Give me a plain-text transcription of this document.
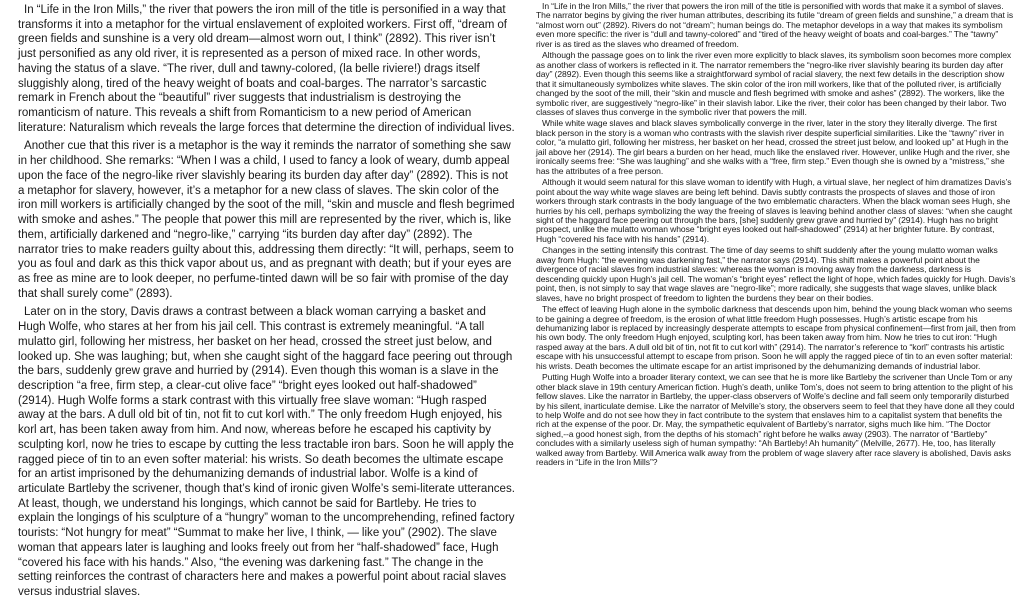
In “Life in the Iron Mills,” the river that powers the iron mill of the title is personified in a way that transforms it into a metaphor for the virtual enslavement of exploited workers. First off, “dream of green fields and sunshine is a very old dream—almost worn out, I think” (2892). This river isn’t just personified as any old river, it is represented as a person of mixed race. In other words, having the status of a slave. “The river, dull and tawny-colored, (la belle riviere!) drags itself sluggishly along, tired of the heavy weight of boats and coal-barges. The narrator’s sarcastic remark in French about the “beautiful” river suggests that industrialism is destroying the romanticism of nature. This reveals a shift from Romanticism to a new period of American literature: Naturalism which reveals the large forces that determine the direction of individual lives.

Another cue that this river is a metaphor is the way it reminds the narrator of something she saw in her childhood. She remarks: “When I was a child, I used to fancy a look of weary, dumb appeal upon the face of the negro-like river slavishly bearing its burden day after day” (2892). This is not a metaphor for slavery, however, it’s a metaphor for a new class of slaves. The skin color of the iron mill workers is artificially changed by the soot of the mill, “skin and muscle and flesh begrimed with smoke and ashes.” The people that power this mill are represented by the river, which is, like them, artificially darkened and “negro-like,” carrying “its burden day after day” (2892). The narrator tries to make readers guilty about this, addressing them directly: “It will, perhaps, seem to you as foul and dark as this thick vapor about us, and as pregnant with death; but if your eyes are as free as mine are to look deeper, no perfume-tinted dawn will be so fair with promise of the day that shall surely come” (2893).

Later on in the story, Davis draws a contrast between a black woman carrying a basket and Hugh Wolfe, who stares at her from his jail cell. This contrast is extremely meaningful. “A tall mulatto girl, following her mistress, her basket on her head, crossed the street just below, and looked up. She was laughing; but, when she caught sight of the haggard face peering out through the bars, suddenly grew grave and hurried by (2914). Even though this woman is a slave in the description “a free, firm step, a clear-cut olive face” “bright eyes looked out half-shadowed” (2914). Hugh Wolfe forms a stark contrast with this virtually free slave woman: “Hugh rasped away at the bars. A dull old bit of tin, not fit to cut korl with.” The only freedom Hugh enjoyed, his korl art, has been taken away from him. And now, whereas before he escaped his captivity by sculpting korl, now he tries to escape by cutting the less tractable iron bars. Soon he will apply the ragged piece of tin to an even softer material: his wrists. So death becomes the ultimate escape for an artist imprisoned by the dehumanizing demands of industrial labor. Wolfe is a kind of articulate Bartleby the scrivener, though that’s kind of ironic given Wolfe’s semi-literate utterances. At least, though, we understand his longings, which cannot be said for Bartleby. He tries to explain the longings of his sculpture of a “hungry” woman to the uncomprehending, refined factory tourists: “Not hungry for meat” “Summat to make her live, I think, — like you” (2902). The slave woman that appears later is laughing and looks freely out from her “half-shadowed” face, Hugh “covered his face with his hands.” Also, “the evening was darkening fast.” The change in the setting reinforces the contrast of characters here and makes a powerful point about racial slaves versus industrial slaves.

In “Life in the Iron Mills,” the river that powers the iron mill of the title is personified with words that make it a symbol of slaves. The narrator begins by giving the river human attributes, describing its futile “dream of green fields and sunshine,” a dream that is “almost worn out” (2892). Rivers do not “dream”; human beings do. The metaphor develops in a way that makes its symbolism even more specific: the river is “dull and tawny-colored” and “tired of the heavy weight of boats and coal-barges.” The “tawny” river is as tired as the slaves who dreamed of freedom.

Although the passage goes on to link the river even more explicitly to black slaves, its symbolism soon becomes more complex as another class of workers is reflected in it. The narrator remembers the “negro-like river slavishly bearing its burden day after day” (2892). Even though this seems like a straightforward symbol of racial slavery, the next few details in the description show that it simultaneously symbolizes white slaves. The skin color of the iron mill workers, like that of the polluted river, is artificially changed by the soot of the mill, their “skin and muscle and flesh begrimed with smoke and ashes” (2892). The workers, like the symbolic river, are suggestively “negro-like” in their slavish labor. Like the river, their color has been changed by their labor. Two classes of slaves thus converge in the symbolic river that powers the mill.

While white wage slaves and black slaves symbolically converge in the river, later in the story they literally diverge. The first black person in the story is a woman who contrasts with the slavish river despite superficial similarities. Like the “tawny” river in color, “a mulatto girl, following her mistress, her basket on her head, crossed the street just below, and looked up” at Hugh in the jail above her (2914). The girl bears a burden on her head, much like the enslaved river. However, unlike Hugh and the river, she ironically seems free: “She was laughing” and she walks with a “free, firm step.” Even though she is owned by a “mistress,” she has the attributes of a free person.

Although it would seem natural for this slave woman to identify with Hugh, a virtual slave, her neglect of him dramatizes Davis’s point about the way white wage slaves are being left behind. Davis subtly contrasts the prospects of slaves and those of iron workers through stark contrasts in the body language of the two emblematic characters. When the black woman sees Hugh, she hurries by his cell, perhaps symbolizing the way the freeing of slaves is leaving behind another class of slaves: “when she caught sight of the haggard face peering out through the bars, [she] suddenly grew grave and hurried by” (2914). Hugh has no bright prospect, unlike the mulatto woman whose “bright eyes looked out half-shadowed” (2914) at her brighter future. By contrast, Hugh “covered his face with his hands” (2914).

Changes in the setting intensify this contrast. The time of day seems to shift suddenly after the young mulatto woman walks away from Hugh: “the evening was darkening fast,” the narrator says (2914). This shift makes a powerful point about the divergence of racial slaves from industrial slaves: whereas the woman is moving away from the darkness, darkness is descending quickly upon Hugh’s jail cell. The woman’s “bright eyes” reflect the light of hope, which fades quickly for Hugh. Davis’s point, then, is not simply to say that wage slaves are “negro-like”; more radically, she suggests that wage slaves, unlike black slaves, have no bright prospect of freedom to lighten the burdens they bear on their bodies.

The effect of leaving Hugh alone in the symbolic darkness that descends upon him, behind the young black woman who seems to be gaining a degree of freedom, is the erosion of what little freedom Hugh possesses. Hugh’s artistic escape from his dehumanizing labor is replaced by increasingly desperate attempts to escape from physical confinement—first from jail, then from his own body. The only freedom Hugh enjoyed, sculpting korl, has been taken away from him. Now he tries to cut iron: “Hugh rasped away at the bars. A dull old bit of tin, not fit to cut korl with” (2914). The narrator’s reference to “korl” contrasts his artistic escape with his unsuccessful attempt to escape from prison. Soon he will apply the ragged piece of tin to an even softer material: his wrists. Death becomes the ultimate escape for an artist imprisoned by the dehumanizing demands of industrial labor.

Putting Hugh Wolfe into a broader literary context, we can see that he is more like Bartleby the scrivener than Uncle Tom or any other black slave in 19th century American fiction. Hugh’s death, unlike Tom’s, does not seem to bring attention to the plight of his fellow slaves. Like the narrator in Bartleby, the upper-class observers of Wolfe’s decline and fall seem only temporarily disturbed by his silent, inarticulate demise. Like the narrator of Melville’s story, the observers seem to feel that they have done all they could to help Wolfe and do not see how they in fact contribute to the system that enslaves him to a capitalist system that benefits the rich at the expense of the poor. Dr. May, the sympathetic equivalent of Bartleby’s narrator, sighs much like him. “The Doctor sighed,--a good honest sigh, from the depths of his stomach” right before he walks away (2903). The narrator of “Bartleby” concludes with a similarly useless sigh of human sympathy: “Ah Bartleby! Ah humanity” (Melville, 2677). He, too, has literally walked away from Bartleby. Will America walk away from the problem of wage slavery after race slavery is abolished, Davis asks readers in “Life in the Iron Mills”?
